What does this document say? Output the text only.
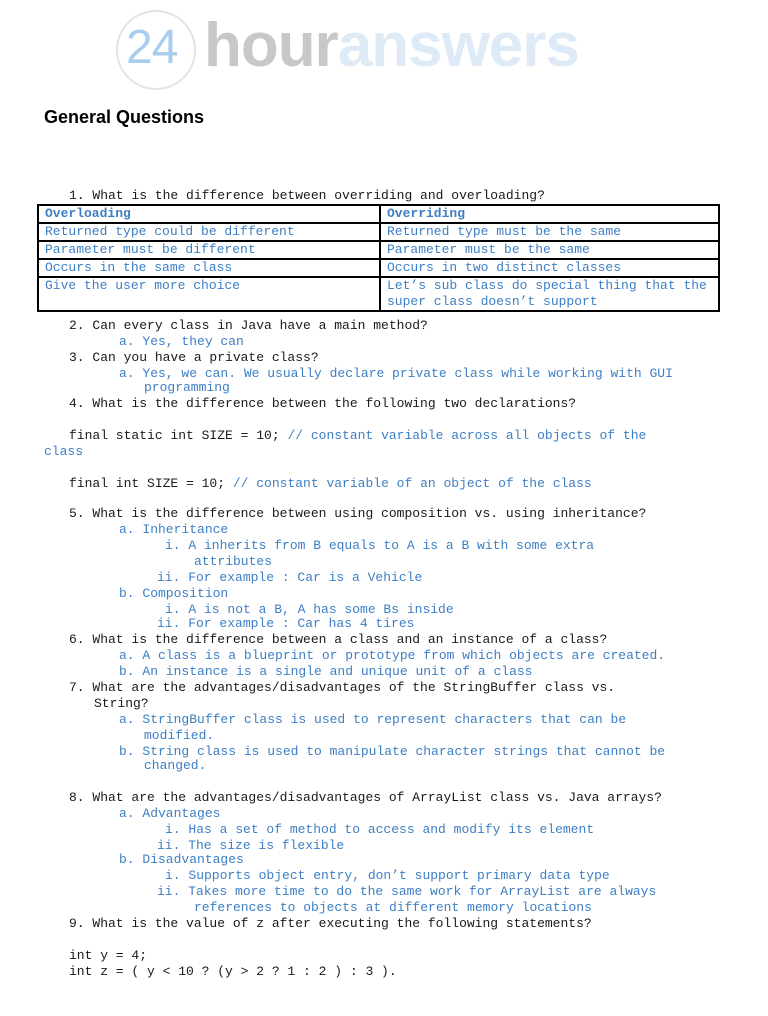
24 houranswers
General Questions
1. What is the difference between overriding and overloading?
Overloading	Overriding
Returned type could be different	Returned type must be the same
Parameter must be different	Parameter must be the same
Occurs in the same class	Occurs in two distinct classes
Give the user more choice	Let’s sub class do special thing that the super class doesn’t support
2. Can every class in Java have a main method?
a. Yes, they can
3. Can you have a private class?
a. Yes, we can. We usually declare private class while working with GUI
programming
4. What is the difference between the following two declarations?
final static int SIZE = 10; // constant variable across all objects of the
class
final int SIZE = 10; // constant variable of an object of the class
5. What is the difference between using composition vs. using inheritance?
a. Inheritance
i. A inherits from B equals to A is a B with some extra
attributes
ii. For example : Car is a Vehicle
b. Composition
i. A is not a B, A has some Bs inside
ii. For example : Car has 4 tires
6. What is the difference between a class and an instance of a class?
a. A class is a blueprint or prototype from which objects are created.
b. An instance is a single and unique unit of a class
7. What are the advantages/disadvantages of the StringBuffer class vs.
String?
a. StringBuffer class is used to represent characters that can be
modified.
b. String class is used to manipulate character strings that cannot be
changed.
8. What are the advantages/disadvantages of ArrayList class vs. Java arrays?
a. Advantages
i. Has a set of method to access and modify its element
ii. The size is flexible
b. Disadvantages
i. Supports object entry, don’t support primary data type
ii. Takes more time to do the same work for ArrayList are always
references to objects at different memory locations
9. What is the value of z after executing the following statements?
int y = 4;
int z = ( y < 10 ? (y > 2 ? 1 : 2 ) : 3 ).
